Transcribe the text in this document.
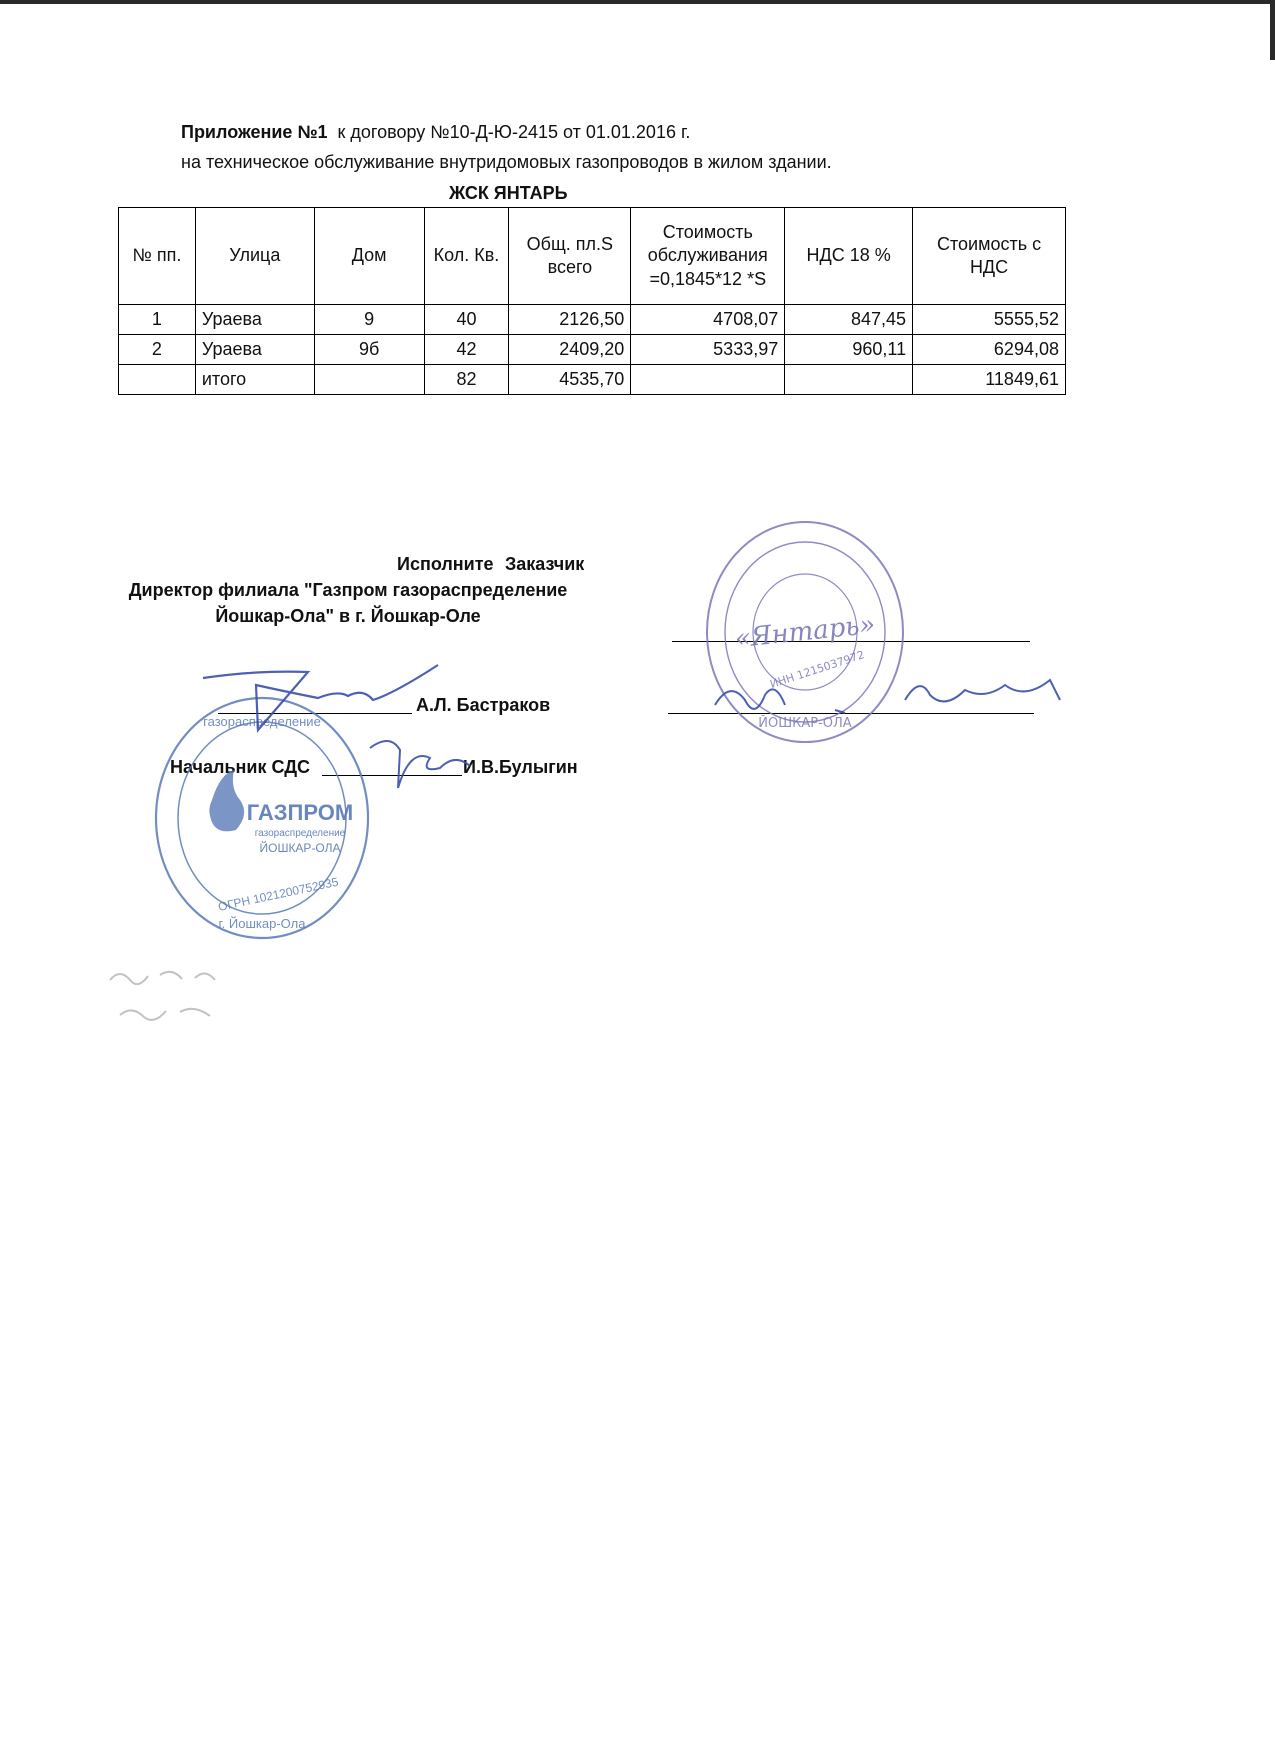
Приложение №1 к договору №10-Д-Ю-2415 от 01.01.2016 г.
на техническое обслуживание внутридомовых газопроводов в жилом здании.
ЖСК ЯНТАРЬ
№ пп.	Улица	Дом	Кол. Кв.	Общ. пл.S всего	Стоимость обслуживания =0,1845*12 *S	НДС 18 %	Стоимость с НДС
1	Ураева	9	40	2126,50	4708,07	847,45	5555,52
2	Ураева	9б	42	2409,20	5333,97	960,11	6294,08
	итого		82	4535,70			11849,61
Исполните Заказчик
Директор филиала "Газпром газораспределение Йошкар-Ола" в г. Йошкар-Оле
А.Л. Бастраков
Начальник СДС	И.В.Булыгин
«Янтарь»
ИНН 1215037972
ЙОШКАР-ОЛА
ГАЗПРОМ
газораспределение
ЙОШКАР-ОЛА
ОГРН 1021200752935
г. Йошкар-Ола
газораспределение
